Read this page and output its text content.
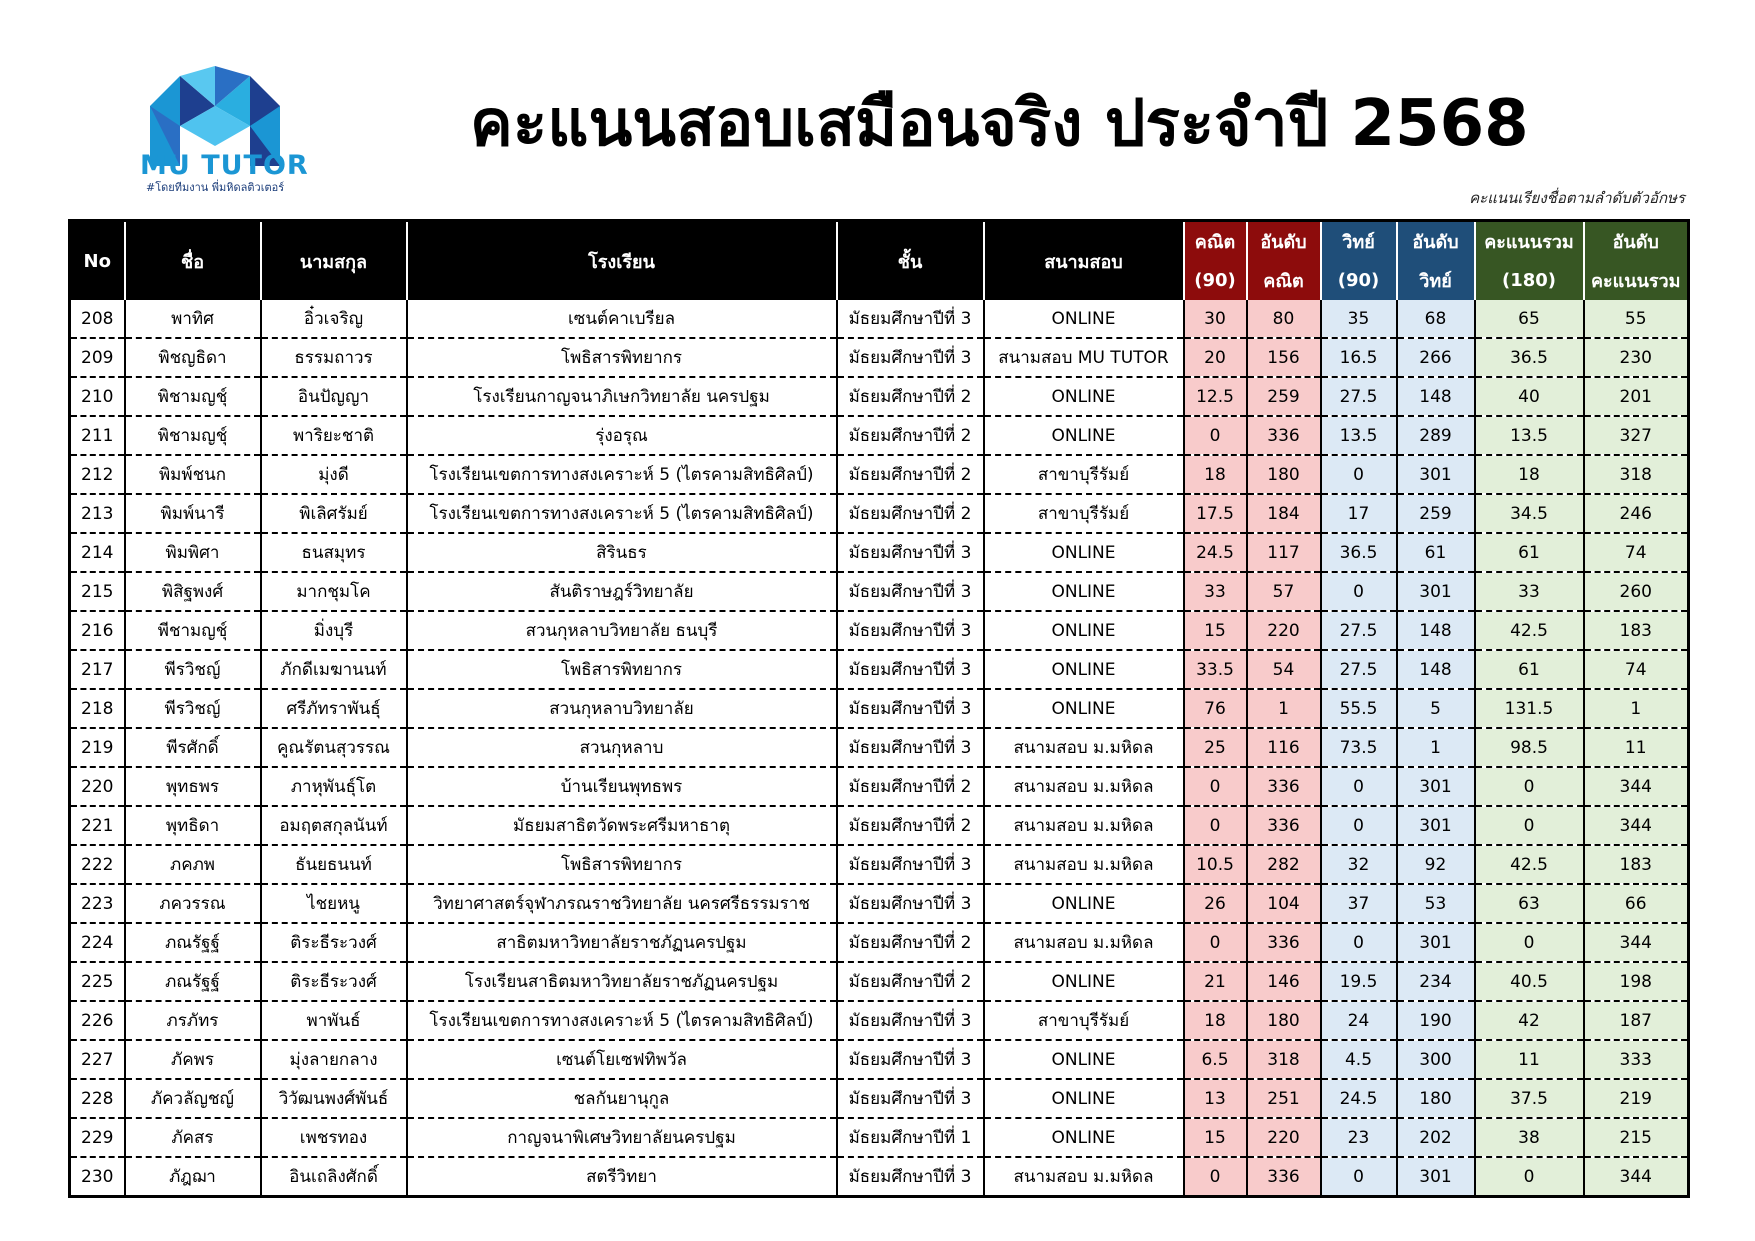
MU TUTOR
#โดยทีมงาน พี่มหิดลติวเตอร์
คะแนนสอบเสมือนจริง ประจำปี 2568
คะแนนเรียงชื่อตามลำดับตัวอักษร
No	ชื่อ	นามสกุล	โรงเรียน	ชั้น	สนามสอบ	คณิต	อันดับ	วิทย์	อันดับ	คะแนนรวม	อันดับ
						(90)	คณิต	(90)	วิทย์	(180)	คะแนนรวม
208	พาทิศ	อิ๋วเจริญ	เซนต์คาเบรียล	มัธยมศึกษาปีที่ 3	ONLINE	30	80	35	68	65	55
209	พิชญธิดา	ธรรมถาวร	โพธิสารพิทยากร	มัธยมศึกษาปีที่ 3	สนามสอบ MU TUTOR	20	156	16.5	266	36.5	230
210	พิชามญชุ์	อินปัญญา	โรงเรียนกาญจนาภิเษกวิทยาลัย นครปฐม	มัธยมศึกษาปีที่ 2	ONLINE	12.5	259	27.5	148	40	201
211	พิชามญชุ์	พาริยะชาติ	รุ่งอรุณ	มัธยมศึกษาปีที่ 2	ONLINE	0	336	13.5	289	13.5	327
212	พิมพ์ชนก	มุ่งดี	โรงเรียนเขตการทางสงเคราะห์ 5 (ไตรคามสิทธิศิลป์)	มัธยมศึกษาปีที่ 2	สาขาบุรีรัมย์	18	180	0	301	18	318
213	พิมพ์นารี	พิเลิศรัมย์	โรงเรียนเขตการทางสงเคราะห์ 5 (ไตรคามสิทธิศิลป์)	มัธยมศึกษาปีที่ 2	สาขาบุรีรัมย์	17.5	184	17	259	34.5	246
214	พิมพิศา	ธนสมุทร	สิรินธร	มัธยมศึกษาปีที่ 3	ONLINE	24.5	117	36.5	61	61	74
215	พิสิฐพงศ์	มากชุมโค	สันติราษฎร์วิทยาลัย	มัธยมศึกษาปีที่ 3	ONLINE	33	57	0	301	33	260
216	พีชามญชุ์	มิ่งบุรี	สวนกุหลาบวิทยาลัย ธนบุรี	มัธยมศึกษาปีที่ 3	ONLINE	15	220	27.5	148	42.5	183
217	พีรวิชญ์	ภักดีเมฆานนท์	โพธิสารพิทยากร	มัธยมศึกษาปีที่ 3	ONLINE	33.5	54	27.5	148	61	74
218	พีรวิชญ์	ศรีภัทราพันธุ์	สวนกุหลาบวิทยาลัย	มัธยมศึกษาปีที่ 3	ONLINE	76	1	55.5	5	131.5	1
219	พีรศักดิ์	คูณรัตนสุวรรณ	สวนกุหลาบ	มัธยมศึกษาปีที่ 3	สนามสอบ ม.มหิดล	25	116	73.5	1	98.5	11
220	พุทธพร	ภาหุพันธุ์โต	บ้านเรียนพุทธพร	มัธยมศึกษาปีที่ 2	สนามสอบ ม.มหิดล	0	336	0	301	0	344
221	พุทธิดา	อมฤตสกุลนันท์	มัธยมสาธิตวัดพระศรีมหาธาตุ	มัธยมศึกษาปีที่ 2	สนามสอบ ม.มหิดล	0	336	0	301	0	344
222	ภคภพ	ธันยธนนท์	โพธิสารพิทยากร	มัธยมศึกษาปีที่ 3	สนามสอบ ม.มหิดล	10.5	282	32	92	42.5	183
223	ภควรรณ	ไชยหนู	วิทยาศาสตร์จุฬาภรณราชวิทยาลัย นครศรีธรรมราช	มัธยมศึกษาปีที่ 3	ONLINE	26	104	37	53	63	66
224	ภณรัฐฐ์	ติระธีระวงศ์	สาธิตมหาวิทยาลัยราชภัฏนครปฐม	มัธยมศึกษาปีที่ 2	สนามสอบ ม.มหิดล	0	336	0	301	0	344
225	ภณรัฐฐ์	ติระธีระวงศ์	โรงเรียนสาธิตมหาวิทยาลัยราชภัฏนครปฐม	มัธยมศึกษาปีที่ 2	ONLINE	21	146	19.5	234	40.5	198
226	ภรภัทร	พาพันธ์	โรงเรียนเขตการทางสงเคราะห์ 5 (ไตรคามสิทธิศิลป์)	มัธยมศึกษาปีที่ 3	สาขาบุรีรัมย์	18	180	24	190	42	187
227	ภัคพร	มุ่งลายกลาง	เซนต์โยเซฟทิพวัล	มัธยมศึกษาปีที่ 3	ONLINE	6.5	318	4.5	300	11	333
228	ภัควลัญชญ์	วิวัฒนพงศ์พันธ์	ชลกันยานุกูล	มัธยมศึกษาปีที่ 3	ONLINE	13	251	24.5	180	37.5	219
229	ภัคสร	เพชรทอง	กาญจนาพิเศษวิทยาลัยนครปฐม	มัธยมศึกษาปีที่ 1	ONLINE	15	220	23	202	38	215
230	ภัฎฌา	อินเถลิงศักดิ์	สตรีวิทยา	มัธยมศึกษาปีที่ 3	สนามสอบ ม.มหิดล	0	336	0	301	0	344
